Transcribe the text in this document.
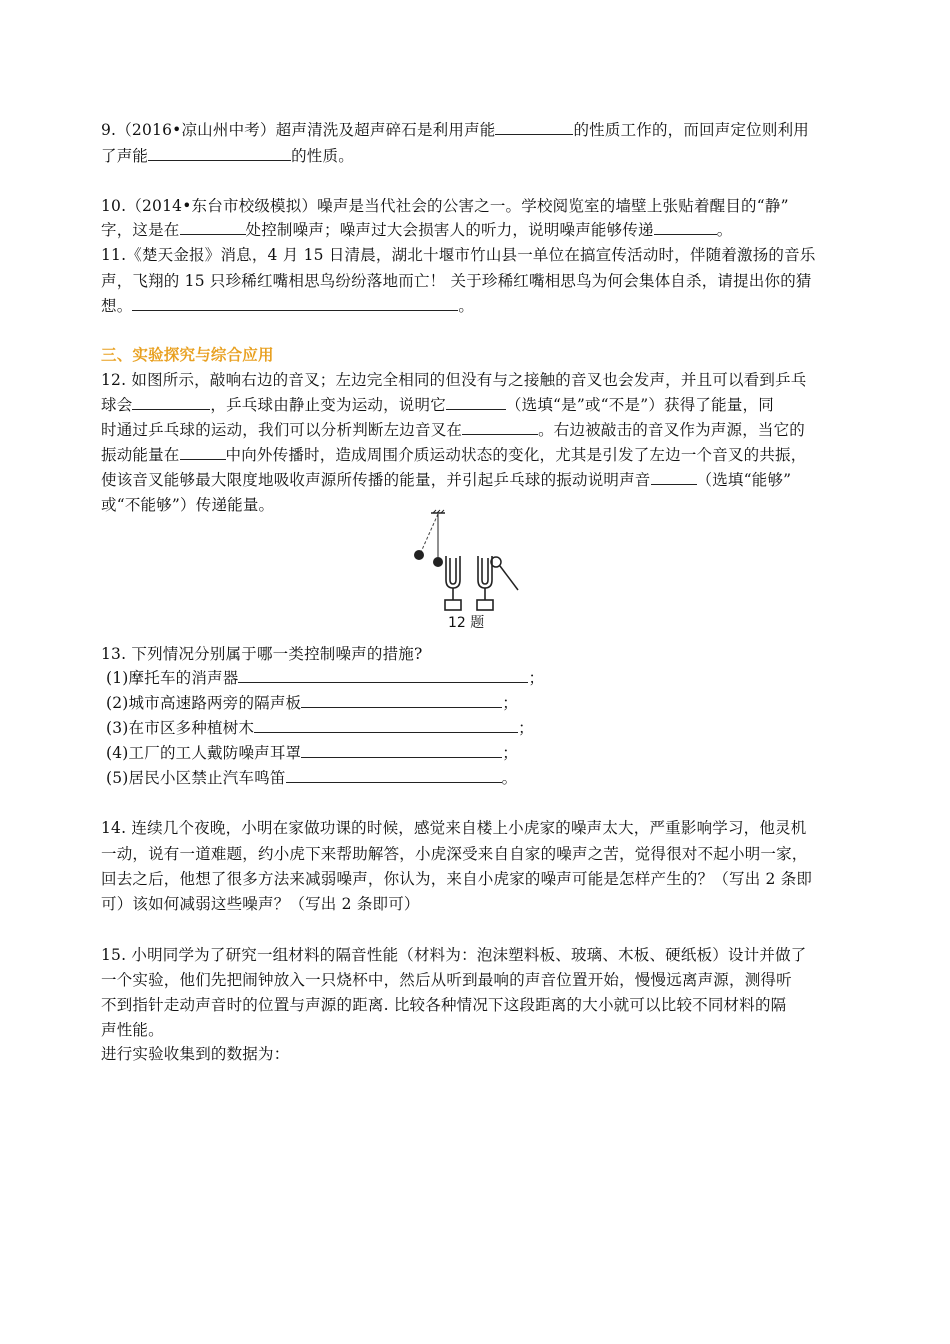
9.（2016•凉山州中考）超声清洗及超声碎石是利用声能	的性质工作的，而回声定位则利用
了声能	的性质。
10.（2014•东台市校级模拟）噪声是当代社会的公害之一。学校阅览室的墙壁上张贴着醒目的“静”
字，这是在	处控制噪声；噪声过大会损害人的听力，说明噪声能够传递	。
11.《楚天金报》消息，4 月 15 日清晨，湖北十堰市竹山县一单位在搞宣传活动时，伴随着激扬的音乐
声，飞翔的 15 只珍稀红嘴相思鸟纷纷落地而亡！ 关于珍稀红嘴相思鸟为何会集体自杀，请提出你的猜
想。	。
三、实验探究与综合应用
12. 如图所示，敲响右边的音叉；左边完全相同的但没有与之接触的音叉也会发声，并且可以看到乒乓
球会	，乒乓球由静止变为运动，说明它	（选填“是”或“不是”）获得了能量，同
时通过乒乓球的运动，我们可以分析判断左边音叉在	。右边被敲击的音叉作为声源，当它的
振动能量在	中向外传播时，造成周围介质运动状态的变化，尤其是引发了左边一个音叉的共振，
使该音叉能够最大限度地吸收声源所传播的能量，并引起乒乓球的振动说明声音	（选填“能够”
或“不能够”）传递能量。
12 题
13. 下列情况分别属于哪一类控制噪声的措施?
(1)摩托车的消声器	；
(2)城市高速路两旁的隔声板	；
(3)在市区多种植树木	；
(4)工厂的工人戴防噪声耳罩	；
(5)居民小区禁止汽车鸣笛	。
14. 连续几个夜晚，小明在家做功课的时候，感觉来自楼上小虎家的噪声太大，严重影响学习，他灵机
一动，说有一道难题，约小虎下来帮助解答，小虎深受来自自家的噪声之苦，觉得很对不起小明一家，
回去之后，他想了很多方法来减弱噪声，你认为，来自小虎家的噪声可能是怎样产生的？（写出 2 条即
可）该如何减弱这些噪声？（写出 2 条即可）
15. 小明同学为了研究一组材料的隔音性能（材料为：泡沫塑料板、玻璃、木板、硬纸板）设计并做了
一个实验，他们先把闹钟放入一只烧杯中，然后从听到最响的声音位置开始，慢慢远离声源，测得听
不到指针走动声音时的位置与声源的距离. 比较各种情况下这段距离的大小就可以比较不同材料的隔
声性能。
进行实验收集到的数据为：
